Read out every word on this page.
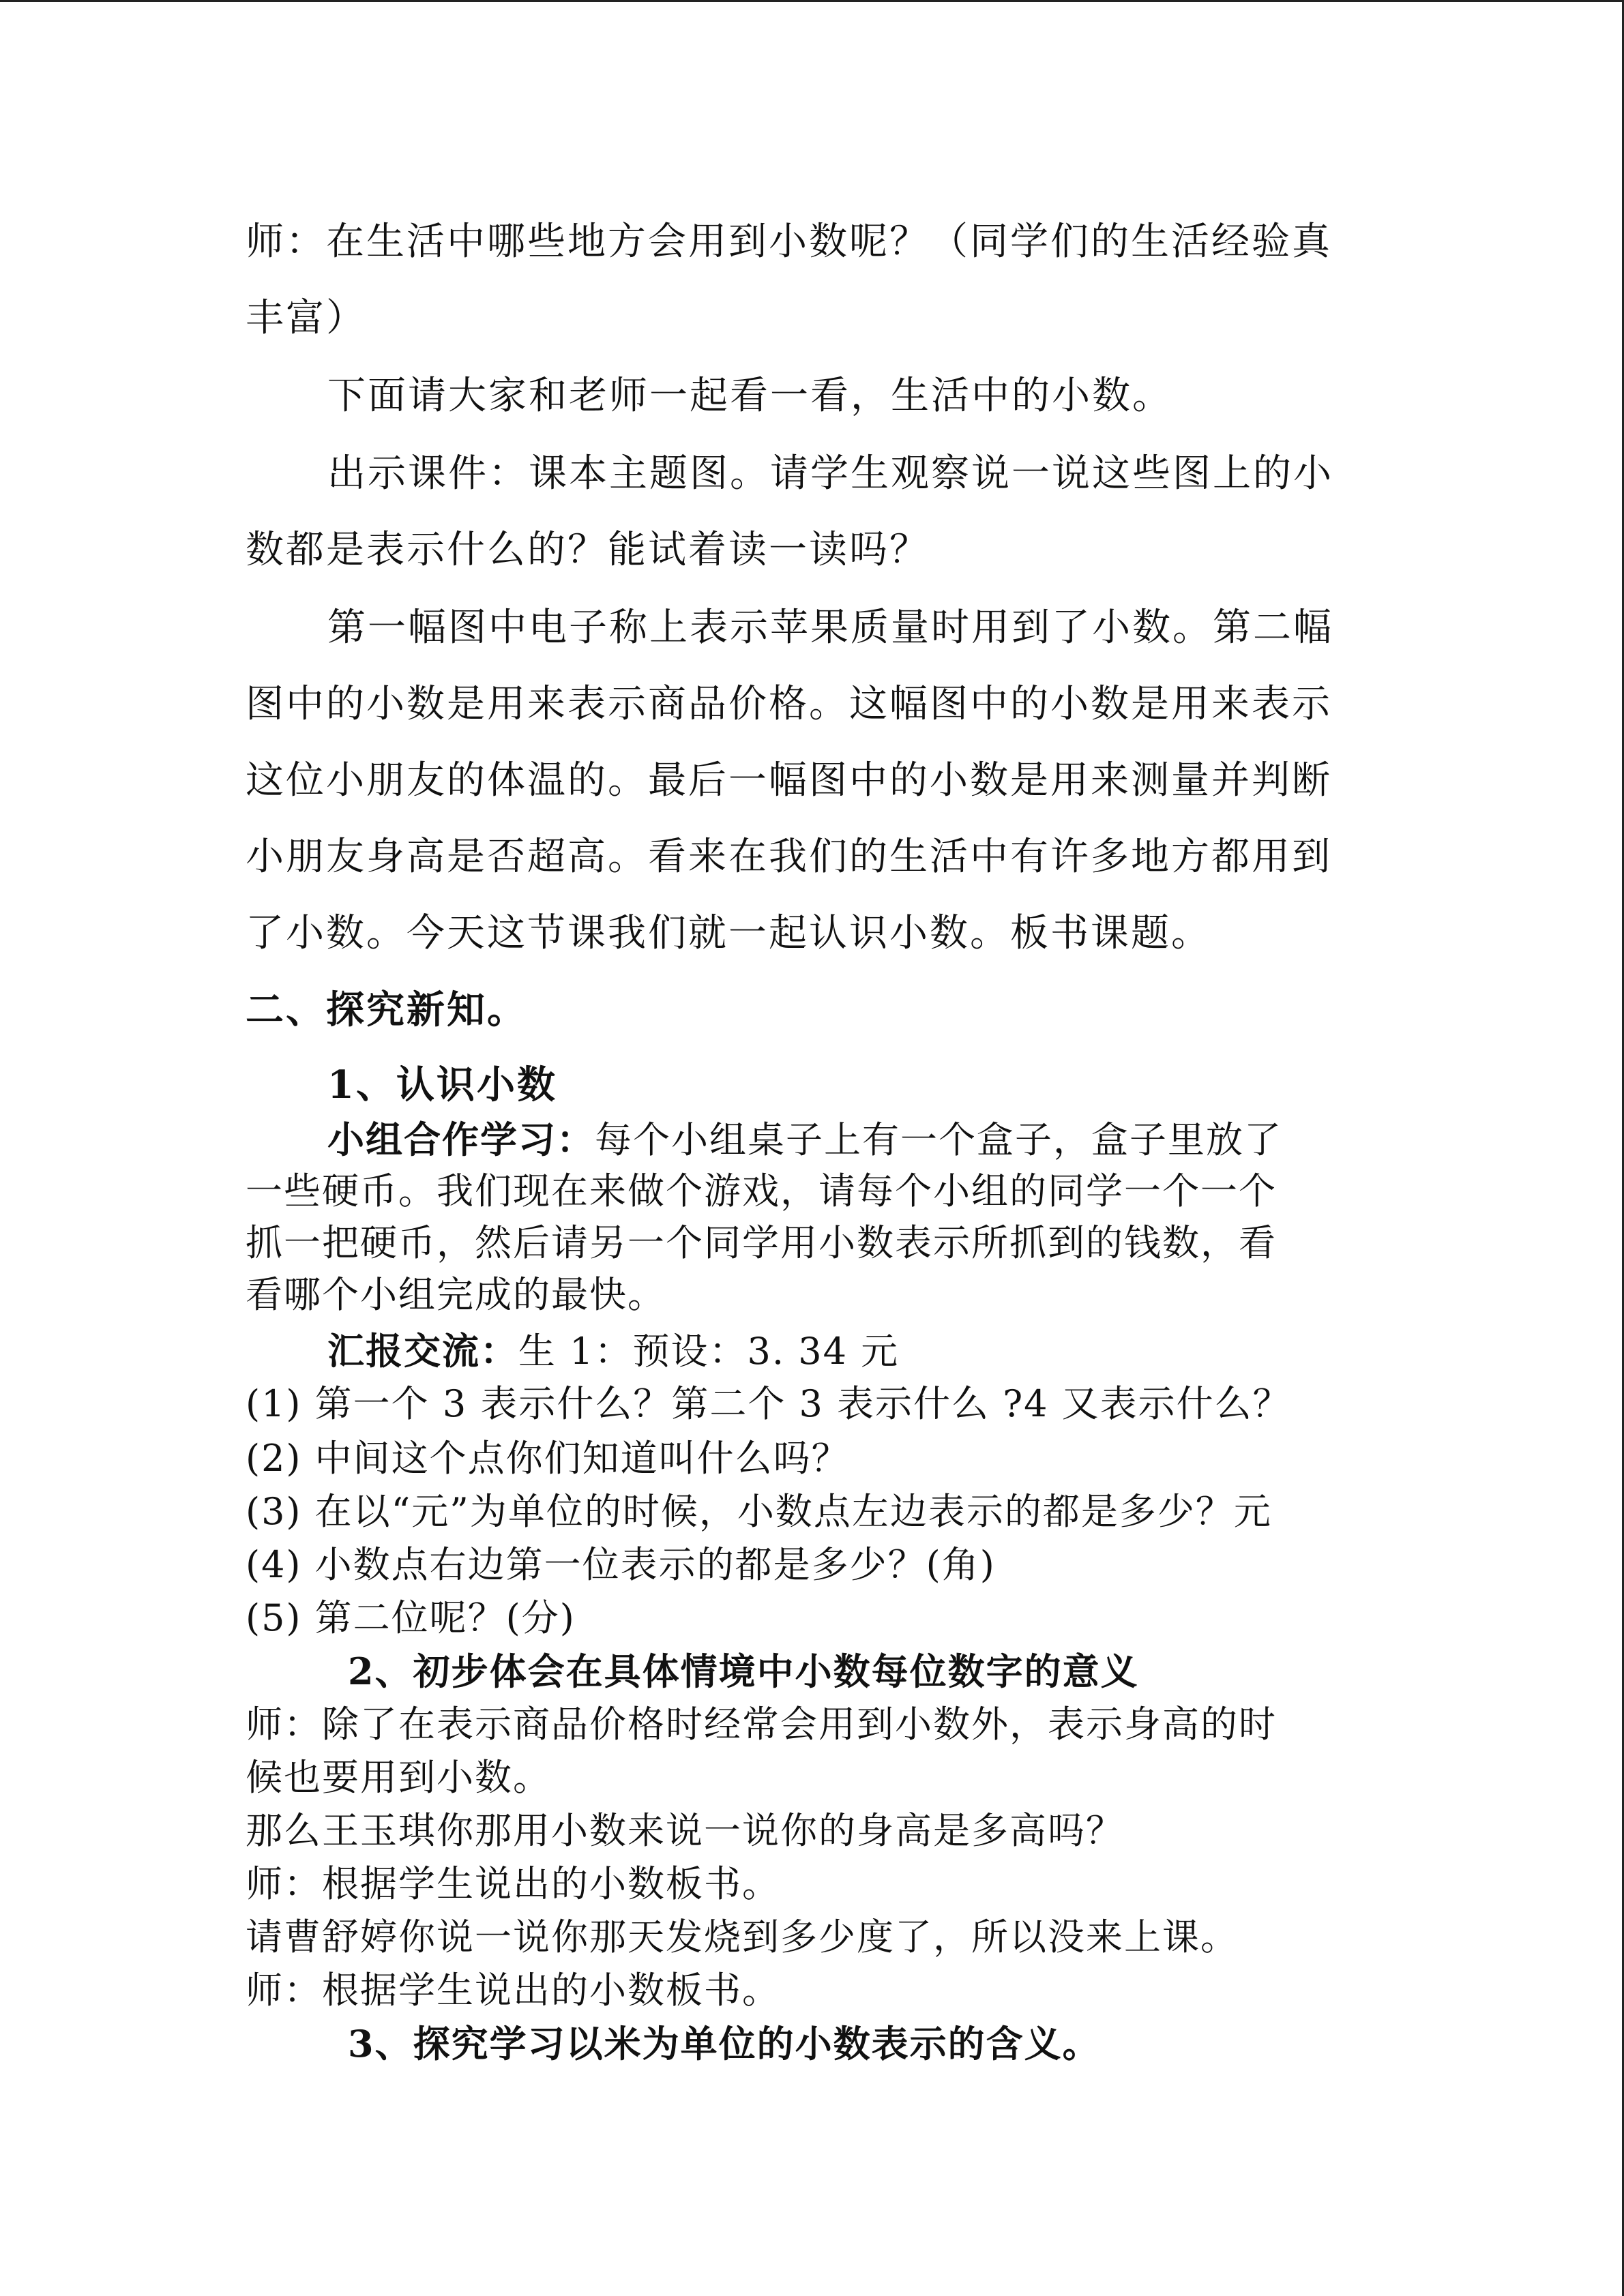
师：在生活中哪些地方会用到小数呢？（同学们的生活经验真
丰富）
下面请大家和老师一起看一看，生活中的小数。
出示课件：课本主题图。请学生观察说一说这些图上的小
数都是表示什么的？能试着读一读吗？
第一幅图中电子称上表示苹果质量时用到了小数。第二幅
图中的小数是用来表示商品价格。这幅图中的小数是用来表示
这位小朋友的体温的。最后一幅图中的小数是用来测量并判断
小朋友身高是否超高。看来在我们的生活中有许多地方都用到
了小数。今天这节课我们就一起认识小数。板书课题。
二、探究新知。
1、认识小数
小组合作学习：每个小组桌子上有一个盒子，盒子里放了
一些硬币。我们现在来做个游戏，请每个小组的同学一个一个
抓一把硬币，然后请另一个同学用小数表示所抓到的钱数，看
看哪个小组完成的最快。
汇报交流：生 1：预设：3. 34 元
(1) 第一个 3 表示什么？第二个 3 表示什么 ?4 又表示什么？
(2) 中间这个点你们知道叫什么吗？
(3) 在以“元”为单位的时候，小数点左边表示的都是多少？元
(4) 小数点右边第一位表示的都是多少？(角)
(5) 第二位呢？(分)
2、初步体会在具体情境中小数每位数字的意义
师：除了在表示商品价格时经常会用到小数外，表示身高的时
候也要用到小数。
那么王玉琪你那用小数来说一说你的身高是多高吗？
师：根据学生说出的小数板书。
请曹舒婷你说一说你那天发烧到多少度了，所以没来上课。
师：根据学生说出的小数板书。
3、探究学习以米为单位的小数表示的含义。
